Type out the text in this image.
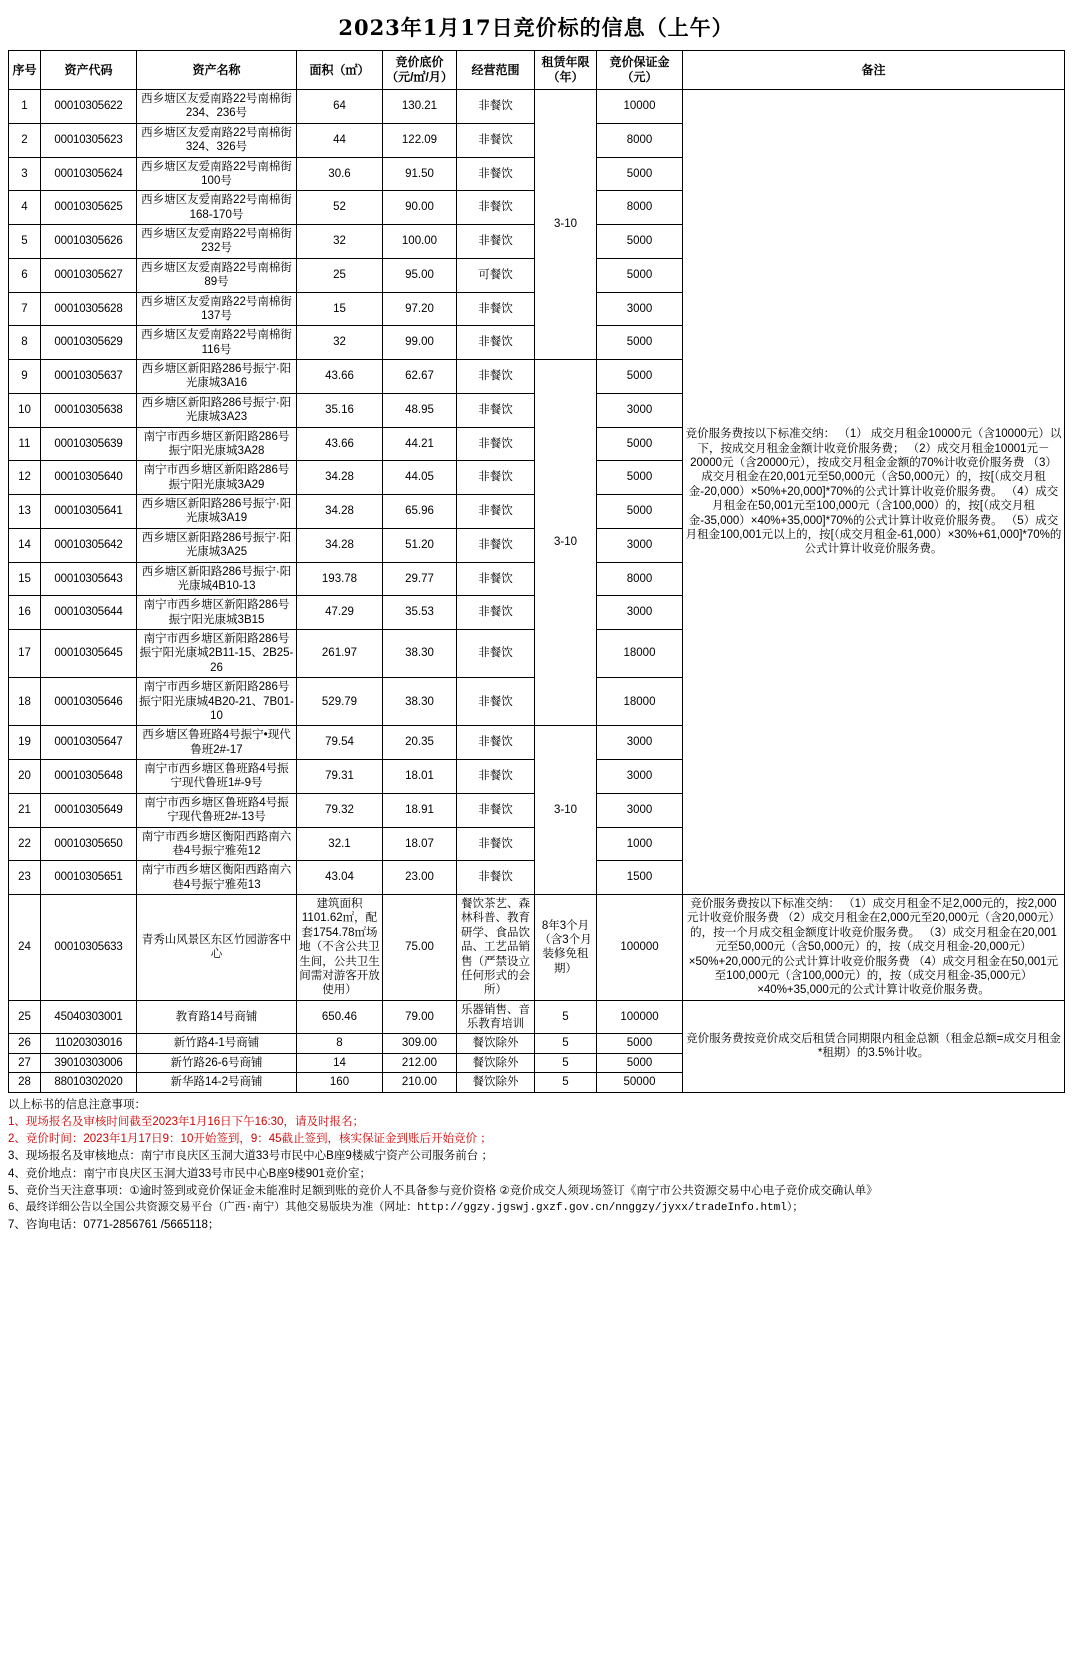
2023年1月17日竞价标的信息（上午）
序号	资产代码	资产名称	面积（㎡）	竞价底价（元/㎡/月）	经营范围	租赁年限（年）	竞价保证金（元）	备注
1	00010305622	西乡塘区友爱南路22号南棉街234、236号	64	130.21	非餐饮	3-10	10000	竞价服务费按以下标准交纳： （1） 成交月租金10000元（含10000元）以下，按成交月租金金额计收竞价服务费； （2）成交月租金10001元－20000元（含20000元），按成交月租金金额的70%计收竞价服务费 （3）成交月租金在20,001元至50,000元（含50,000元）的，按[（成交月租金-20,000）×50%+20,000]*70%的公式计算计收竞价服务费。 （4）成交月租金在50,001元至100,000元（含100,000）的，按[（成交月租金-35,000）×40%+35,000]*70%的公式计算计收竞价服务费。 （5）成交月租金100,001元以上的，按[（成交月租金-61,000）×30%+61,000]*70%的公式计算计收竞价服务费。
2	00010305623	西乡塘区友爱南路22号南棉街324、326号	44	122.09	非餐饮		8000	
3	00010305624	西乡塘区友爱南路22号南棉街100号	30.6	91.50	非餐饮		5000	
4	00010305625	西乡塘区友爱南路22号南棉街168-170号	52	90.00	非餐饮		8000	
5	00010305626	西乡塘区友爱南路22号南棉街232号	32	100.00	非餐饮		5000	
6	00010305627	西乡塘区友爱南路22号南棉街89号	25	95.00	可餐饮		5000	
7	00010305628	西乡塘区友爱南路22号南棉街137号	15	97.20	非餐饮		3000	
8	00010305629	西乡塘区友爱南路22号南棉街116号	32	99.00	非餐饮		5000	
9	00010305637	西乡塘区新阳路286号振宁·阳光康城3A16	43.66	62.67	非餐饮	3-10	5000	
10	00010305638	西乡塘区新阳路286号振宁·阳光康城3A23	35.16	48.95	非餐饮		3000	
11	00010305639	南宁市西乡塘区新阳路286号振宁阳光康城3A28	43.66	44.21	非餐饮		5000	
12	00010305640	南宁市西乡塘区新阳路286号振宁阳光康城3A29	34.28	44.05	非餐饮		5000	
13	00010305641	西乡塘区新阳路286号振宁·阳光康城3A19	34.28	65.96	非餐饮		5000	
14	00010305642	西乡塘区新阳路286号振宁·阳光康城3A25	34.28	51.20	非餐饮		3000	
15	00010305643	西乡塘区新阳路286号振宁·阳光康城4B10-13	193.78	29.77	非餐饮		8000	
16	00010305644	南宁市西乡塘区新阳路286号振宁阳光康城3B15	47.29	35.53	非餐饮		3000	
17	00010305645	南宁市西乡塘区新阳路286号振宁阳光康城2B11-15、2B25-26	261.97	38.30	非餐饮		18000	
18	00010305646	南宁市西乡塘区新阳路286号振宁阳光康城4B20-21、7B01-10	529.79	38.30	非餐饮		18000	
19	00010305647	西乡塘区鲁班路4号振宁•现代鲁班2#-17	79.54	20.35	非餐饮	3-10	3000	
20	00010305648	南宁市西乡塘区鲁班路4号振宁现代鲁班1#-9号	79.31	18.01	非餐饮		3000	
21	00010305649	南宁市西乡塘区鲁班路4号振宁现代鲁班2#-13号	79.32	18.91	非餐饮		3000	
22	00010305650	南宁市西乡塘区衡阳西路南六巷4号振宁雅苑12	32.1	18.07	非餐饮		1000	
23	00010305651	南宁市西乡塘区衡阳西路南六巷4号振宁雅苑13	43.04	23.00	非餐饮		1500	
24	00010305633	青秀山风景区东区竹园游客中心	建筑面积1101.62㎡，配套1754.78㎡场地（不含公共卫生间，公共卫生间需对游客开放使用）	75.00	餐饮茶艺、森林科普、教育研学、食品饮品、工艺品销售（严禁设立任何形式的会所）	8年3个月（含3个月装修免租期）	100000	竞价服务费按以下标准交纳： （1）成交月租金不足2,000元的，按2,000元计收竞价服务费 （2）成交月租金在2,000元至20,000元（含20,000元）的，按一个月成交租金额度计收竞价服务费。 （3）成交月租金在20,001元至50,000元（含50,000元）的，按（成交月租金-20,000元）×50%+20,000元的公式计算计收竞价服务费 （4）成交月租金在50,001元至100,000元（含100,000元）的，按（成交月租金-35,000元）×40%+35,000元的公式计算计收竞价服务费。
25	45040303001	教育路14号商铺	650.46	79.00	乐器销售、音乐教育培训	5	100000	竞价服务费按竞价成交后租赁合同期限内租金总额（租金总额=成交月租金*租期）的3.5%计收。
26	11020303016	新竹路4-1号商铺	8	309.00	餐饮除外	5	5000	
27	39010303006	新竹路26-6号商铺	14	212.00	餐饮除外	5	5000	
28	88010302020	新华路14-2号商铺	160	210.00	餐饮除外	5	50000	
以上标书的信息注意事项：
1、现场报名及审核时间截至2023年1月16日下午16:30，请及时报名；
2、竞价时间：2023年1月17日9：10开始签到，9：45截止签到，核实保证金到账后开始竞价 ；
3、现场报名及审核地点：南宁市良庆区玉洞大道33号市民中心B座9楼威宁资产公司服务前台 ；
4、竞价地点：南宁市良庆区玉洞大道33号市民中心B座9楼901竞价室；
5、竞价当天注意事项：①逾时签到或竞价保证金未能准时足额到账的竞价人不具备参与竞价资格 ②竞价成交人须现场签订《南宁市公共资源交易中心电子竞价成交确认单》
6、最终详细公告以全国公共资源交易平台（广西·南宁）其他交易版块为准（网址：http://ggzy.jgswj.gxzf.gov.cn/nnggzy/jyxx/tradeInfo.html）；
7、咨询电话：0771-2856761 /5665118；
